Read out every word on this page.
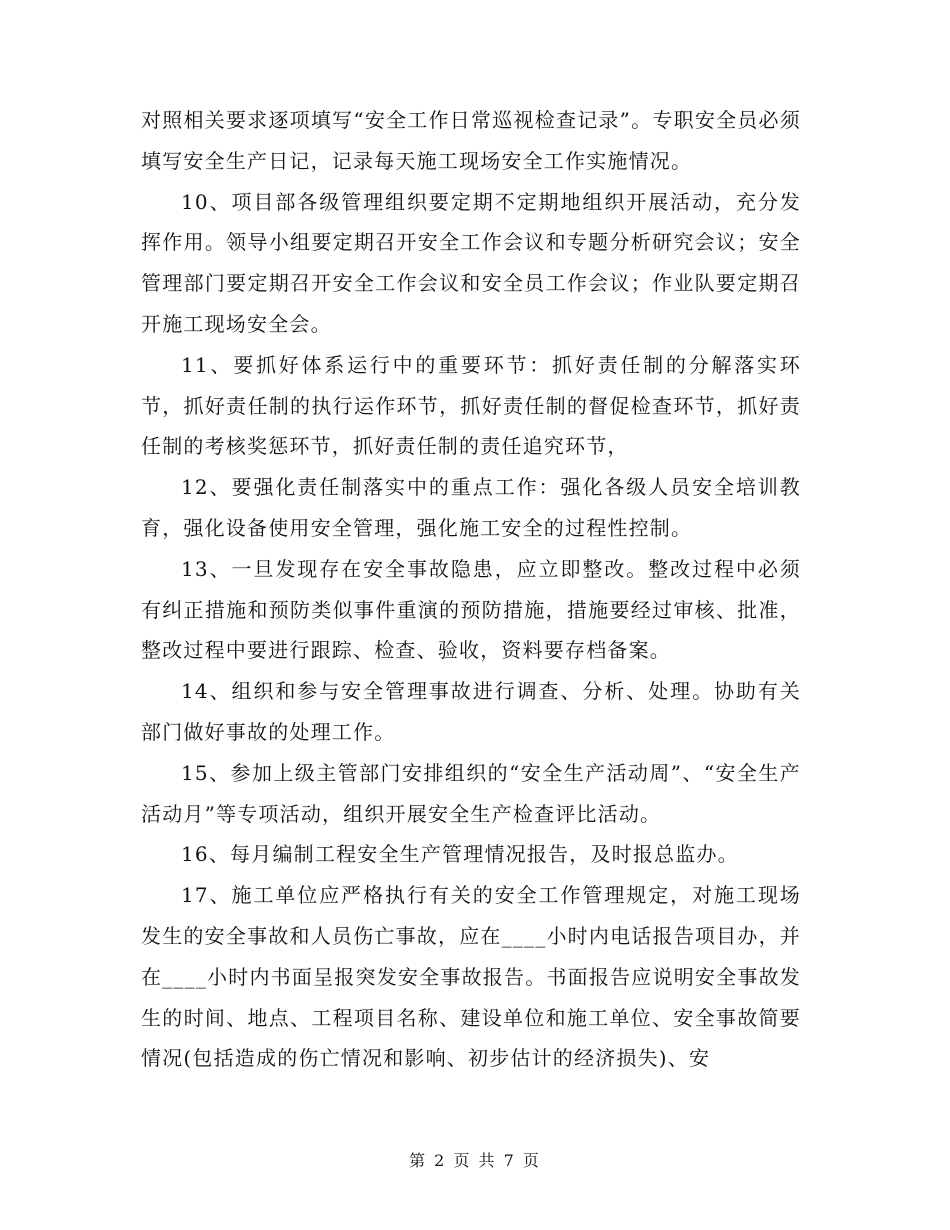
对照相关要求逐项填写“安全工作日常巡视检查记录”。专职安全员必须填写安全生产日记，记录每天施工现场安全工作实施情况。

10、项目部各级管理组织要定期不定期地组织开展活动，充分发挥作用。领导小组要定期召开安全工作会议和专题分析研究会议；安全管理部门要定期召开安全工作会议和安全员工作会议；作业队要定期召开施工现场安全会。

11、要抓好体系运行中的重要环节：抓好责任制的分解落实环节，抓好责任制的执行运作环节，抓好责任制的督促检查环节，抓好责任制的考核奖惩环节，抓好责任制的责任追究环节，

12、要强化责任制落实中的重点工作：强化各级人员安全培训教育，强化设备使用安全管理，强化施工安全的过程性控制。

13、一旦发现存在安全事故隐患，应立即整改。整改过程中必须有纠正措施和预防类似事件重演的预防措施，措施要经过审核、批准，整改过程中要进行跟踪、检查、验收，资料要存档备案。

14、组织和参与安全管理事故进行调查、分析、处理。协助有关部门做好事故的处理工作。

15、参加上级主管部门安排组织的“安全生产活动周”、“安全生产活动月”等专项活动，组织开展安全生产检查评比活动。

16、每月编制工程安全生产管理情况报告，及时报总监办。

17、施工单位应严格执行有关的安全工作管理规定，对施工现场发生的安全事故和人员伤亡事故，应在____小时内电话报告项目办，并在____小时内书面呈报突发安全事故报告。书面报告应说明安全事故发生的时间、地点、工程项目名称、建设单位和施工单位、安全事故简要情况(包括造成的伤亡情况和影响、初步估计的经济损失)、安

第 2 页 共 7 页
